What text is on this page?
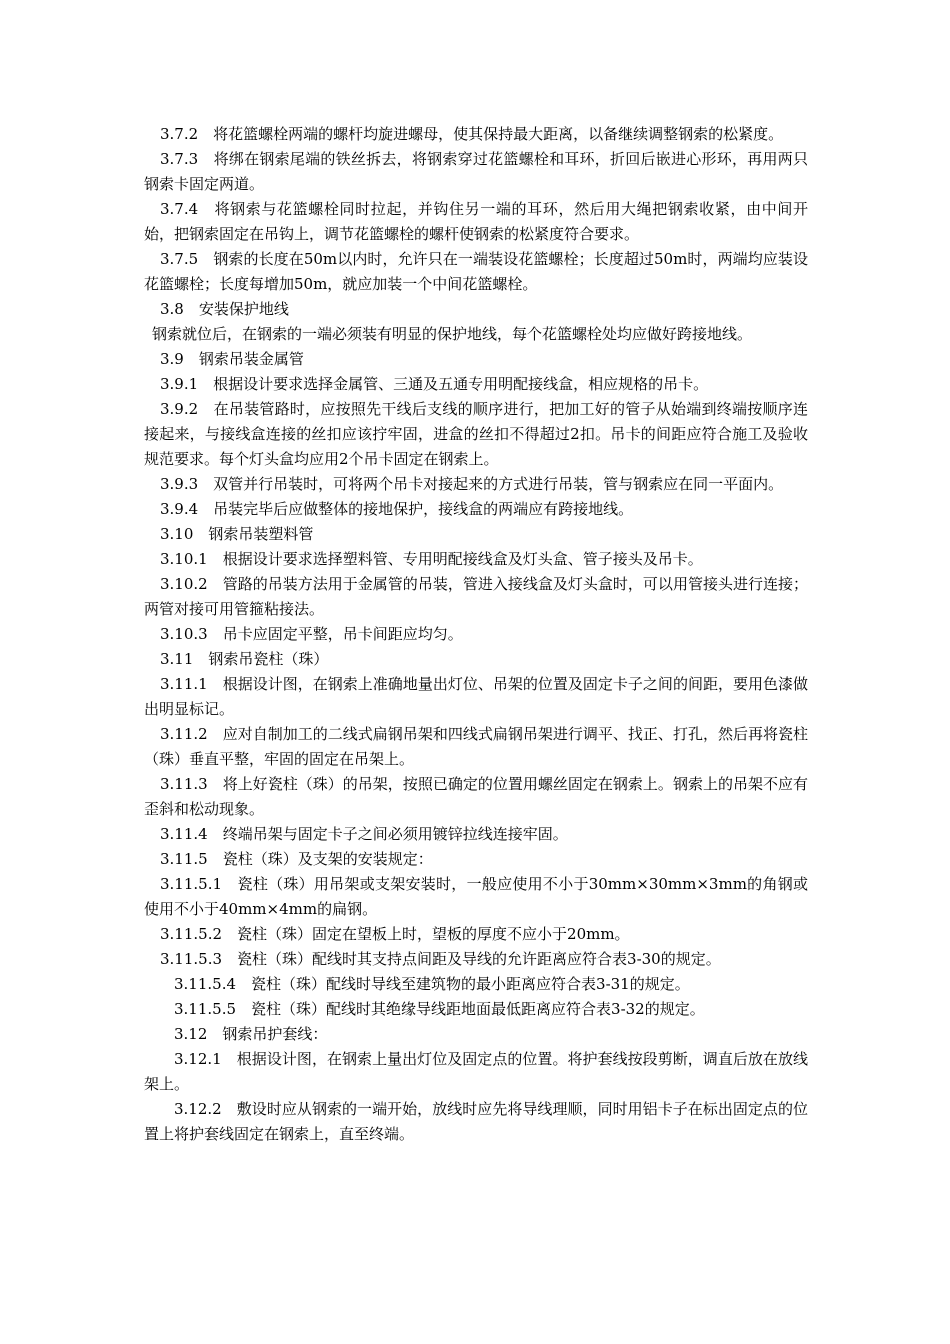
3.7.2　将花篮螺栓两端的螺杆均旋进螺母，使其保持最大距离，以备继续调整钢索的松紧度。

3.7.3　将绑在钢索尾端的铁丝拆去，将钢索穿过花篮螺栓和耳环，折回后嵌进心形环，再用两只钢索卡固定两道。

3.7.4　将钢索与花篮螺栓同时拉起，并钩住另一端的耳环，然后用大绳把钢索收紧，由中间开始，把钢索固定在吊钩上，调节花篮螺栓的螺杆使钢索的松紧度符合要求。

3.7.5　钢索的长度在50m以内时，允许只在一端装设花篮螺栓；长度超过50m时，两端均应装设花篮螺栓；长度每增加50m，就应加装一个中间花篮螺栓。

3.8　安装保护地线

钢索就位后，在钢索的一端必须装有明显的保护地线，每个花篮螺栓处均应做好跨接地线。

3.9　钢索吊装金属管

3.9.1　根据设计要求选择金属管、三通及五通专用明配接线盒，相应规格的吊卡。

3.9.2　在吊装管路时，应按照先干线后支线的顺序进行，把加工好的管子从始端到终端按顺序连接起来，与接线盒连接的丝扣应该拧牢固，进盒的丝扣不得超过2扣。吊卡的间距应符合施工及验收规范要求。每个灯头盒均应用2个吊卡固定在钢索上。

3.9.3　双管并行吊装时，可将两个吊卡对接起来的方式进行吊装，管与钢索应在同一平面内。

3.9.4　吊装完毕后应做整体的接地保护，接线盒的两端应有跨接地线。

3.10　钢索吊装塑料管

3.10.1　根据设计要求选择塑料管、专用明配接线盒及灯头盒、管子接头及吊卡。

3.10.2　管路的吊装方法用于金属管的吊装，管进入接线盒及灯头盒时，可以用管接头进行连接；两管对接可用管箍粘接法。

3.10.3　吊卡应固定平整，吊卡间距应均匀。

3.11　钢索吊瓷柱（珠）

3.11.1　根据设计图，在钢索上准确地量出灯位、吊架的位置及固定卡子之间的间距，要用色漆做出明显标记。

3.11.2　应对自制加工的二线式扁钢吊架和四线式扁钢吊架进行调平、找正、打孔，然后再将瓷柱（珠）垂直平整，牢固的固定在吊架上。

3.11.3　将上好瓷柱（珠）的吊架，按照已确定的位置用螺丝固定在钢索上。钢索上的吊架不应有歪斜和松动现象。

3.11.4　终端吊架与固定卡子之间必须用镀锌拉线连接牢固。

3.11.5　瓷柱（珠）及支架的安装规定：

3.11.5.1　瓷柱（珠）用吊架或支架安装时，一般应使用不小于30mm×30mm×3mm的角钢或使用不小于40mm×4mm的扁钢。

3.11.5.2　瓷柱（珠）固定在望板上时，望板的厚度不应小于20mm。

3.11.5.3　瓷柱（珠）配线时其支持点间距及导线的允许距离应符合表3-30的规定。

3.11.5.4　瓷柱（珠）配线时导线至建筑物的最小距离应符合表3-31的规定。

3.11.5.5　瓷柱（珠）配线时其绝缘导线距地面最低距离应符合表3-32的规定。

3.12　钢索吊护套线：

3.12.1　根据设计图，在钢索上量出灯位及固定点的位置。将护套线按段剪断，调直后放在放线架上。

3.12.2　敷设时应从钢索的一端开始，放线时应先将导线理顺，同时用铝卡子在标出固定点的位置上将护套线固定在钢索上，直至终端。
